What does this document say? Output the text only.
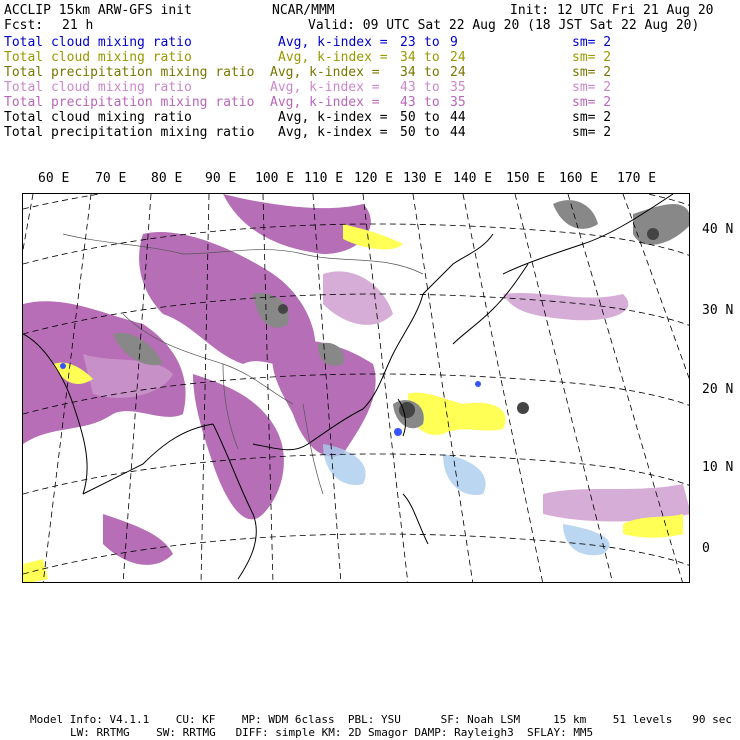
ACCLIP 15km ARW-GFS init	NCAR/MMM	Init: 12 UTC Fri 21 Aug 20
Fcst: 21 h	Valid: 09 UTC Sat 22 Aug 20 (18 JST Sat 22 Aug 20)
Total cloud mixing ratio	Avg, k-index = 23 to 9	sm= 2
Total cloud mixing ratio	Avg, k-index = 34 to 24	sm= 2
Total precipitation mixing ratio Avg, k-index = 34 to 24	sm= 2
Total cloud mixing ratio	Avg, k-index = 43 to 35	sm= 2
Total precipitation mixing ratio Avg, k-index = 43 to 35	sm= 2
Total cloud mixing ratio	Avg, k-index = 50 to 44	sm= 2
Total precipitation mixing ratio Avg, k-index = 50 to 44	sm= 2
60 E 70 E 80 E 90 E 100 E 110 E 120 E 130 E 140 E 150 E 160 E 170 E
40 N
30 N
20 N
10 N
0
Model Info: V4.1.1    CU: KF    MP: WDM 6class  PBL: YSU      SF: Noah LSM     15 km    51 levels   90 sec
LW: RRTMG    SW: RRTMG   DIFF: simple KM: 2D Smagor DAMP: Rayleigh3  SFLAY: MM5
